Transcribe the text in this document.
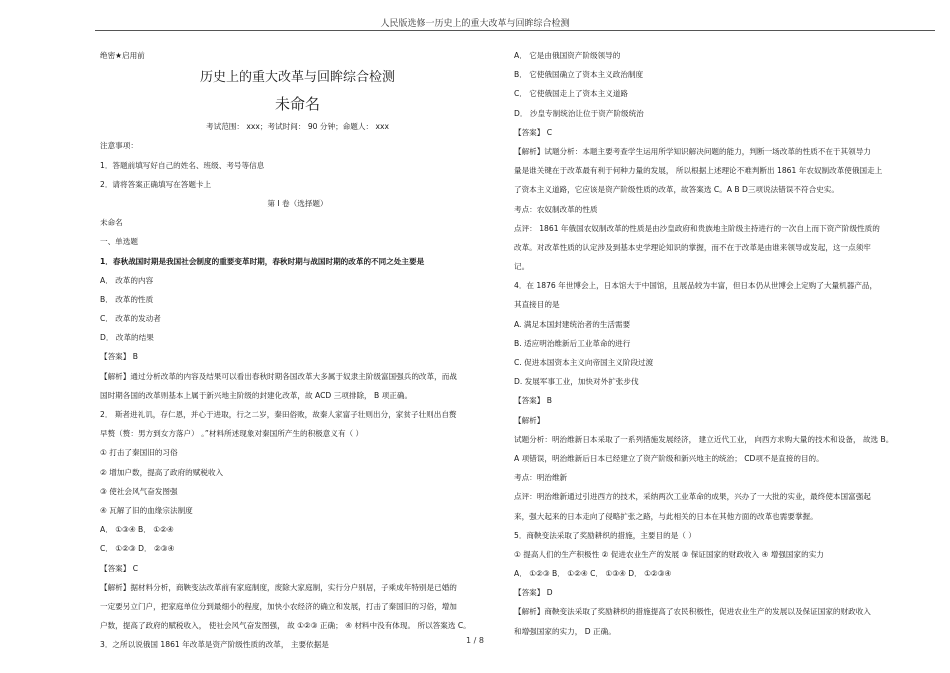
人民版选修一历史上的重大改革与回眸综合检测
绝密★启用前
历史上的重大改革与回眸综合检测
未命名
考试范围： xxx；考试时间： 90 分钟；命题人： xxx
注意事项：
1．答题前填写好自己的姓名、班级、考号等信息
2．请将答案正确填写在答题卡上
第 I 卷（选择题）
未命名
一、单选题
1．春秋战国时期是我国社会制度的重要变革时期，春秋时期与战国时期的改革的不同之处主要是
A． 改革的内容
B． 改革的性质
C． 改革的发动者
D． 改革的结果
【答案】 B
【解析】通过分析改革的内容及结果可以看出春秋时期各国改革大多属于奴隶主阶级富国强兵的改革，而战
国时期各国的改革则基本上属于新兴地主阶级的封建化改革，故 ACD 三项排除， B 项正确。
2． 斯者进礼讥，存仁恩，并心于进取，行之二岁，秦田俗败，故秦人家富子壮则出分，家贫子壮则出自赘
早赘（赘：男方到女方落户） 。”材料所述现象对秦国所产生的积极意义有（ ）
① 打击了秦国旧的习俗
② 增加户数，提高了政府的赋税收入
③ 使社会风气奋发图强
④ 瓦解了旧的血缘宗法制度
A． ①③④ B． ①②④
C． ①②③ D． ②③④
【答案】 C
【解析】据材料分析，商鞅变法改革前有家庭制度，废除大家庭制，实行分户别居，子乘成年特别是已婚的
一定要另立门户，把家庭单位分到最细小的程度，加快小农经济的确立和发展，打击了秦国旧的习俗，增加
户数，提高了政府的赋税收入， 使社会风气奋发图强， 故 ①②③ 正确； ④ 材料中没有体现。 所以答案选 C。
3．之所以说俄国 1861 年改革是资产阶级性质的改革， 主要依据是
A． 它是由俄国资产阶级领导的
B． 它使俄国确立了资本主义政治制度
C． 它使俄国走上了资本主义道路
D． 沙皇专制统治让位于资产阶级统治
【答案】 C
【解析】试题分析：本题主要考查学生运用所学知识解决问题的能力，判断一场改革的性质不在于其领导力
量是谁关键在于改革最有利于何种力量的发展， 所以根据上述理论不难判断出 1861 年农奴制改革使俄国走上
了资本主义道路，它应该是资产阶级性质的改革，故答案选 C。A B D三项说法错误不符合史实。
考点：农奴制改革的性质
点评： 1861 年俄国农奴制改革的性质是由沙皇政府和贵族地主阶级主持进行的一次自上而下资产阶级性质的
改革。对改革性质的认定涉及到基本史学理论知识的掌握，而不在于改革是由谁来领导或发起，这一点须牢
记。
4．在 1876 年世博会上，日本馆大于中国馆，且展品较为丰富，但日本仍从世博会上定购了大量机器产品，
其直接目的是
A. 满足本国封建统治者的生活需要
B. 适应明治维新后工业革命的进行
C. 促进本国资本主义向帝国主义阶段过渡
D. 发展军事工业，加快对外扩张步伐
【答案】 B
【解析】
试题分析：明治维新日本采取了一系列措施发展经济， 建立近代工业， 向西方求购大量的技术和设备， 故选 B。
A 项错误，明治维新后日本已经建立了资产阶级和新兴地主的统治； CD项不是直接的目的。
考点：明治维新
点评：明治维新通过引进西方的技术，采纳两次工业革命的成果，兴办了一大批的实业，最终使本国富强起
来，强大起来的日本走向了侵略扩张之路，与此相关的日本在其他方面的改革也需要掌握。
5．商鞅变法采取了奖励耕织的措施，主要目的是（ ）
① 提高人们的生产积极性 ② 促进农业生产的发展 ③ 保证国家的财政收入 ④ 增强国家的实力
A． ①②③ B． ①②④ C． ①③④ D． ①②③④
【答案】 D
【解析】商鞅变法采取了奖励耕织的措施提高了农民积极性，促进农业生产的发展以及保证国家的财政收入
和增强国家的实力， D 正确。
1 / 8
